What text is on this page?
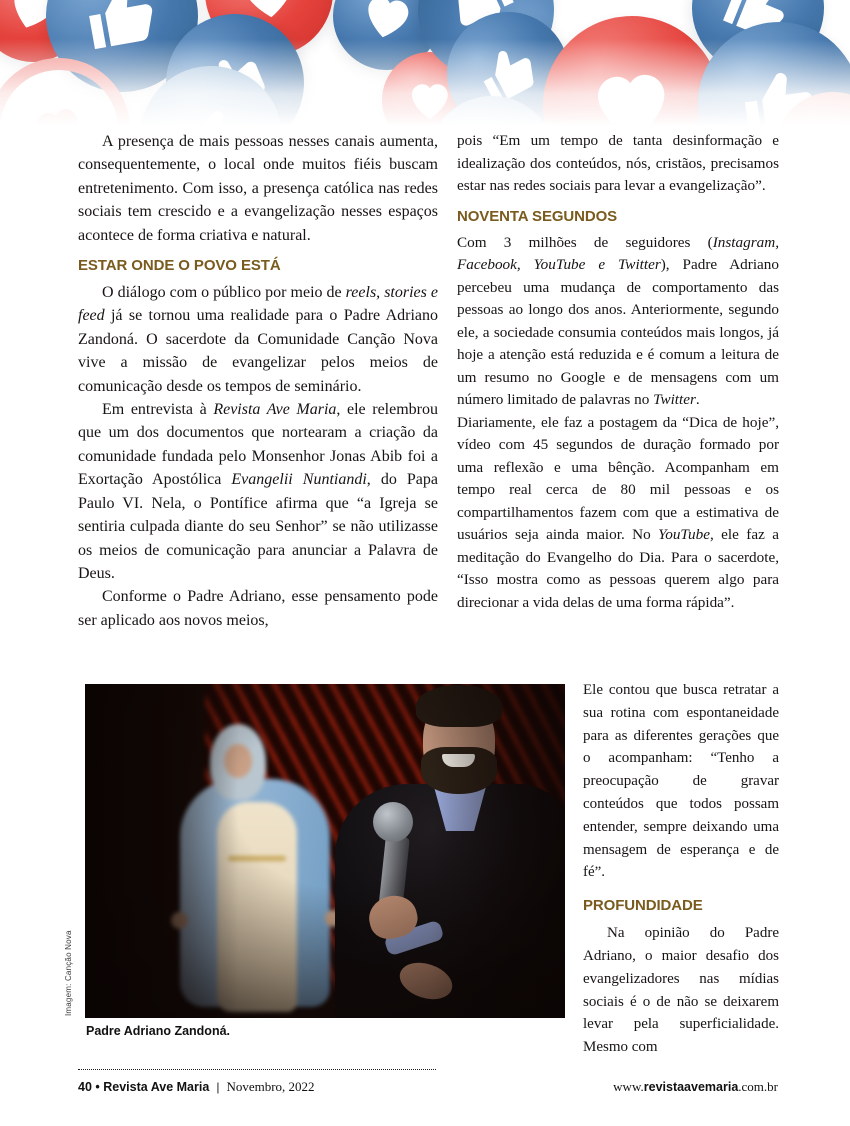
A presença de mais pessoas nesses canais aumenta, consequentemente, o local onde muitos fiéis buscam entretenimento. Com isso, a presença católica nas redes sociais tem crescido e a evangelização nesses espaços acontece de forma criativa e natural.

ESTAR ONDE O POVO ESTÁ

O diálogo com o público por meio de reels, stories e feed já se tornou uma realidade para o Padre Adriano Zandoná. O sacerdote da Comunidade Canção Nova vive a missão de evangelizar pelos meios de comunicação desde os tempos de seminário.

Em entrevista à Revista Ave Maria, ele relembrou que um dos documentos que nortearam a criação da comunidade fundada pelo Monsenhor Jonas Abib foi a Exortação Apostólica Evangelii Nuntiandi, do Papa Paulo VI. Nela, o Pontífice afirma que “a Igreja se sentiria culpada diante do seu Senhor” se não utilizasse os meios de comunicação para anunciar a Palavra de Deus.

Conforme o Padre Adriano, esse pensamento pode ser aplicado aos novos meios,

pois “Em um tempo de tanta desinformação e idealização dos conteúdos, nós, cristãos, precisamos estar nas redes sociais para levar a evangelização”.

NOVENTA SEGUNDOS

Com 3 milhões de seguidores (Instagram, Facebook, YouTube e Twitter), Padre Adriano percebeu uma mudança de comportamento das pessoas ao longo dos anos. Anteriormente, segundo ele, a sociedade consumia conteúdos mais longos, já hoje a atenção está reduzida e é comum a leitura de um resumo no Google e de mensagens com um número limitado de palavras no Twitter.

Diariamente, ele faz a postagem da “Dica de hoje”, vídeo com 45 segundos de duração formado por uma reflexão e uma bênção. Acompanham em tempo real cerca de 80 mil pessoas e os compartilhamentos fazem com que a estimativa de usuários seja ainda maior. No YouTube, ele faz a meditação do Evangelho do Dia. Para o sacerdote, “Isso mostra como as pessoas querem algo para direcionar a vida delas de uma forma rápida”.

Ele contou que busca retratar a sua rotina com espontaneidade para as diferentes gerações que o acompanham: “Tenho a preocupação de gravar conteúdos que todos possam entender, sempre deixando uma mensagem de esperança e de fé”.

PROFUNDIDADE

Na opinião do Padre Adriano, o maior desafio dos evangelizadores nas mídias sociais é o de não se deixarem levar pela superficialidade. Mesmo com

Imagem: Canção Nova
Padre Adriano Zandoná.
40 • Revista Ave Maria | Novembro, 2022	www.revistaavemaria.com.br
